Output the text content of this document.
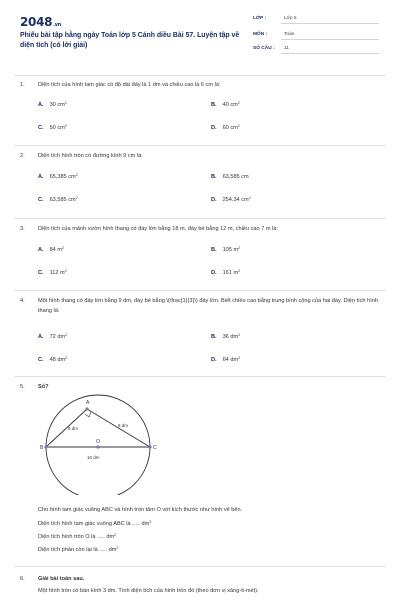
2048.vn
Phiếu bài tập hằng ngày Toán lớp 5 Cánh diều Bài 57. Luyện tập về diện tích (có lời giải)
LỚP :	Lớp 5
MÔN :	Toán
SỐ CÂU : 11
1. Diện tích của hình tam giác có độ dài đáy là 1 dm và chiều cao là 6 cm là:
A. 30 $cm^2$	B. 40 $cm^2$
C. 50 $cm^2$	D. 60 $cm^2$
2. Diện tích hình tròn có đường kính 9 cm là:
A. 65,385 $cm^2$	B. 63,585 cm
C. 63,585 $cm^2$	D. 254,34 $cm^2$
3. Diện tích của mảnh vườn hình thang có đáy lớn bằng 18 m, đáy bé bằng 12 m, chiều cao 7 m là:
A. 84 $m^2$	B. 105 $m^2$
C. 112 $m^2$	D. 161 $m^2$
4. Một hình thang có đáy lớn bằng 9 dm, đáy bé bằng \(\frac{1}{3}\) đáy lớn. Biết chiều cao bằng trung bình cộng của hai đáy. Diện tích hình thang là:
A. 72 $dm^2$	B. 36 $dm^2$
C. 48 $dm^2$	D. 64 $dm^2$
5. Số?
A
B	C
O
6 dm
8 dm
10 dm
Cho hình tam giác vuông ABC và hình tròn tâm O với kích thước như hình vẽ bên.
Diện tích hình tam giác vuông ABC là ..... $dm^2$
Diện tích hình tròn O là ..... $dm^2$
Diện tích phần còn lại là ..... $dm^2$
6. Giải bài toán sau.
Một hình tròn có bán kính 3 dm. Tính diện tích của hình tròn đó (theo đơn vị xăng-ti-mét).
